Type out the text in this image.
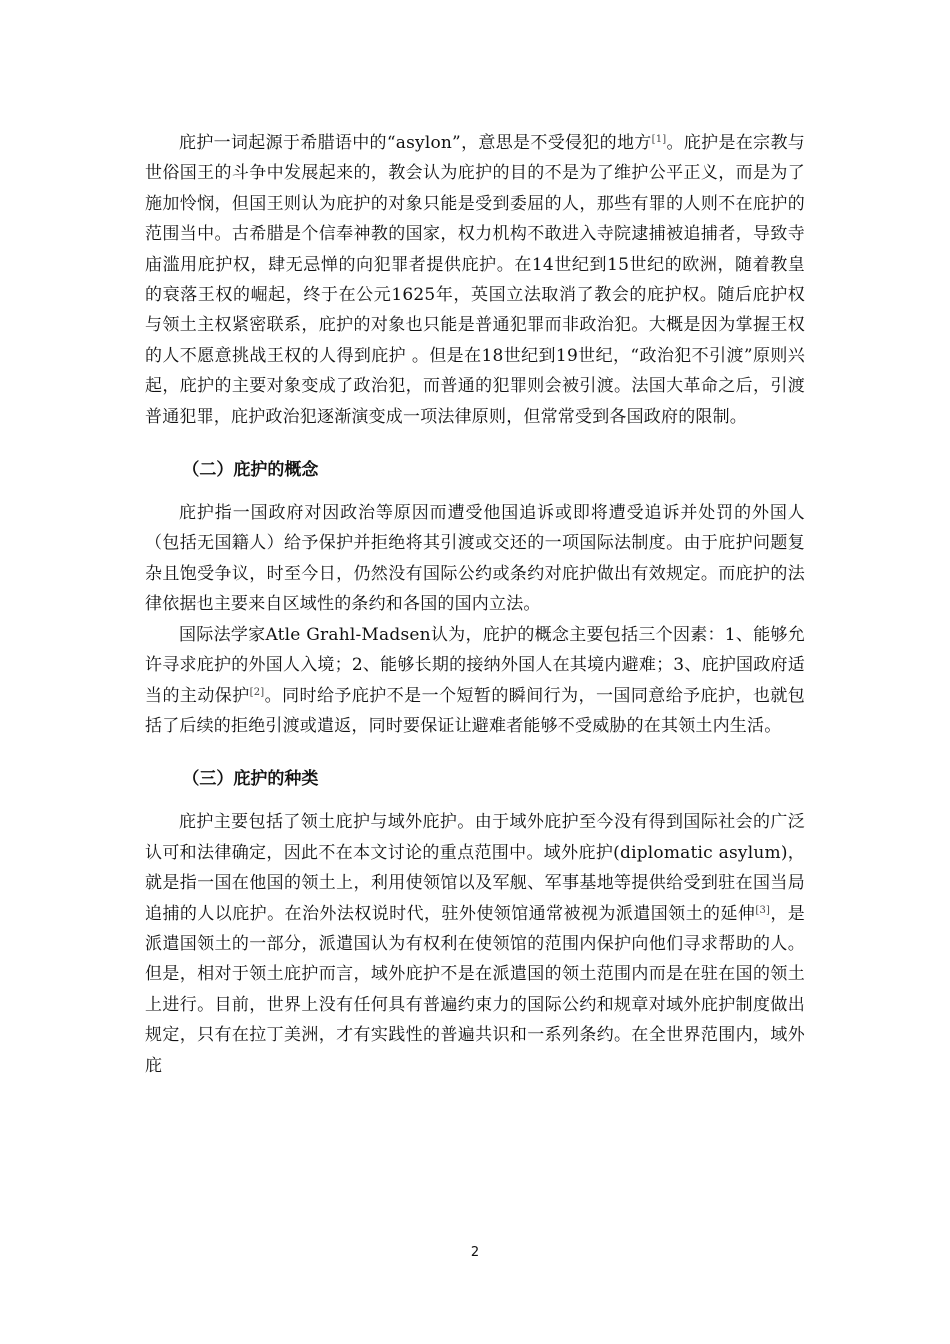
庇护一词起源于希腊语中的“asylon”，意思是不受侵犯的地方[1]。庇护是在宗教与世俗国王的斗争中发展起来的，教会认为庇护的目的不是为了维护公平正义，而是为了施加怜悯，但国王则认为庇护的对象只能是受到委屈的人，那些有罪的人则不在庇护的范围当中。古希腊是个信奉神教的国家，权力机构不敢进入寺院逮捕被追捕者，导致寺庙滥用庇护权，肆无忌惮的向犯罪者提供庇护。在14世纪到15世纪的欧洲，随着教皇的衰落王权的崛起，终于在公元1625年，英国立法取消了教会的庇护权。随后庇护权与领土主权紧密联系，庇护的对象也只能是普通犯罪而非政治犯。大概是因为掌握王权的人不愿意挑战王权的人得到庇护 。但是在18世纪到19世纪，“政治犯不引渡”原则兴起，庇护的主要对象变成了政治犯，而普通的犯罪则会被引渡。法国大革命之后，引渡普通犯罪，庇护政治犯逐渐演变成一项法律原则，但常常受到各国政府的限制。

（二）庇护的概念

庇护指一国政府对因政治等原因而遭受他国追诉或即将遭受追诉并处罚的外国人（包括无国籍人）给予保护并拒绝将其引渡或交还的一项国际法制度。由于庇护问题复杂且饱受争议，时至今日，仍然没有国际公约或条约对庇护做出有效规定。而庇护的法律依据也主要来自区域性的条约和各国的国内立法。

国际法学家Atle Grahl-Madsen认为，庇护的概念主要包括三个因素：1、能够允许寻求庇护的外国人入境；2、能够长期的接纳外国人在其境内避难；3、庇护国政府适当的主动保护[2]。同时给予庇护不是一个短暂的瞬间行为，一国同意给予庇护，也就包括了后续的拒绝引渡或遣返，同时要保证让避难者能够不受威胁的在其领土内生活。

（三）庇护的种类

庇护主要包括了领土庇护与域外庇护。由于域外庇护至今没有得到国际社会的广泛认可和法律确定，因此不在本文讨论的重点范围中。域外庇护(diplomatic asylum)，就是指一国在他国的领土上，利用使领馆以及军舰、军事基地等提供给受到驻在国当局追捕的人以庇护。在治外法权说时代，驻外使领馆通常被视为派遣国领土的延伸[3]，是派遣国领土的一部分，派遣国认为有权利在使领馆的范围内保护向他们寻求帮助的人。但是，相对于领土庇护而言，域外庇护不是在派遣国的领土范围内而是在驻在国的领土上进行。目前，世界上没有任何具有普遍约束力的国际公约和规章对域外庇护制度做出规定，只有在拉丁美洲，才有实践性的普遍共识和一系列条约。在全世界范围内，域外庇

2
